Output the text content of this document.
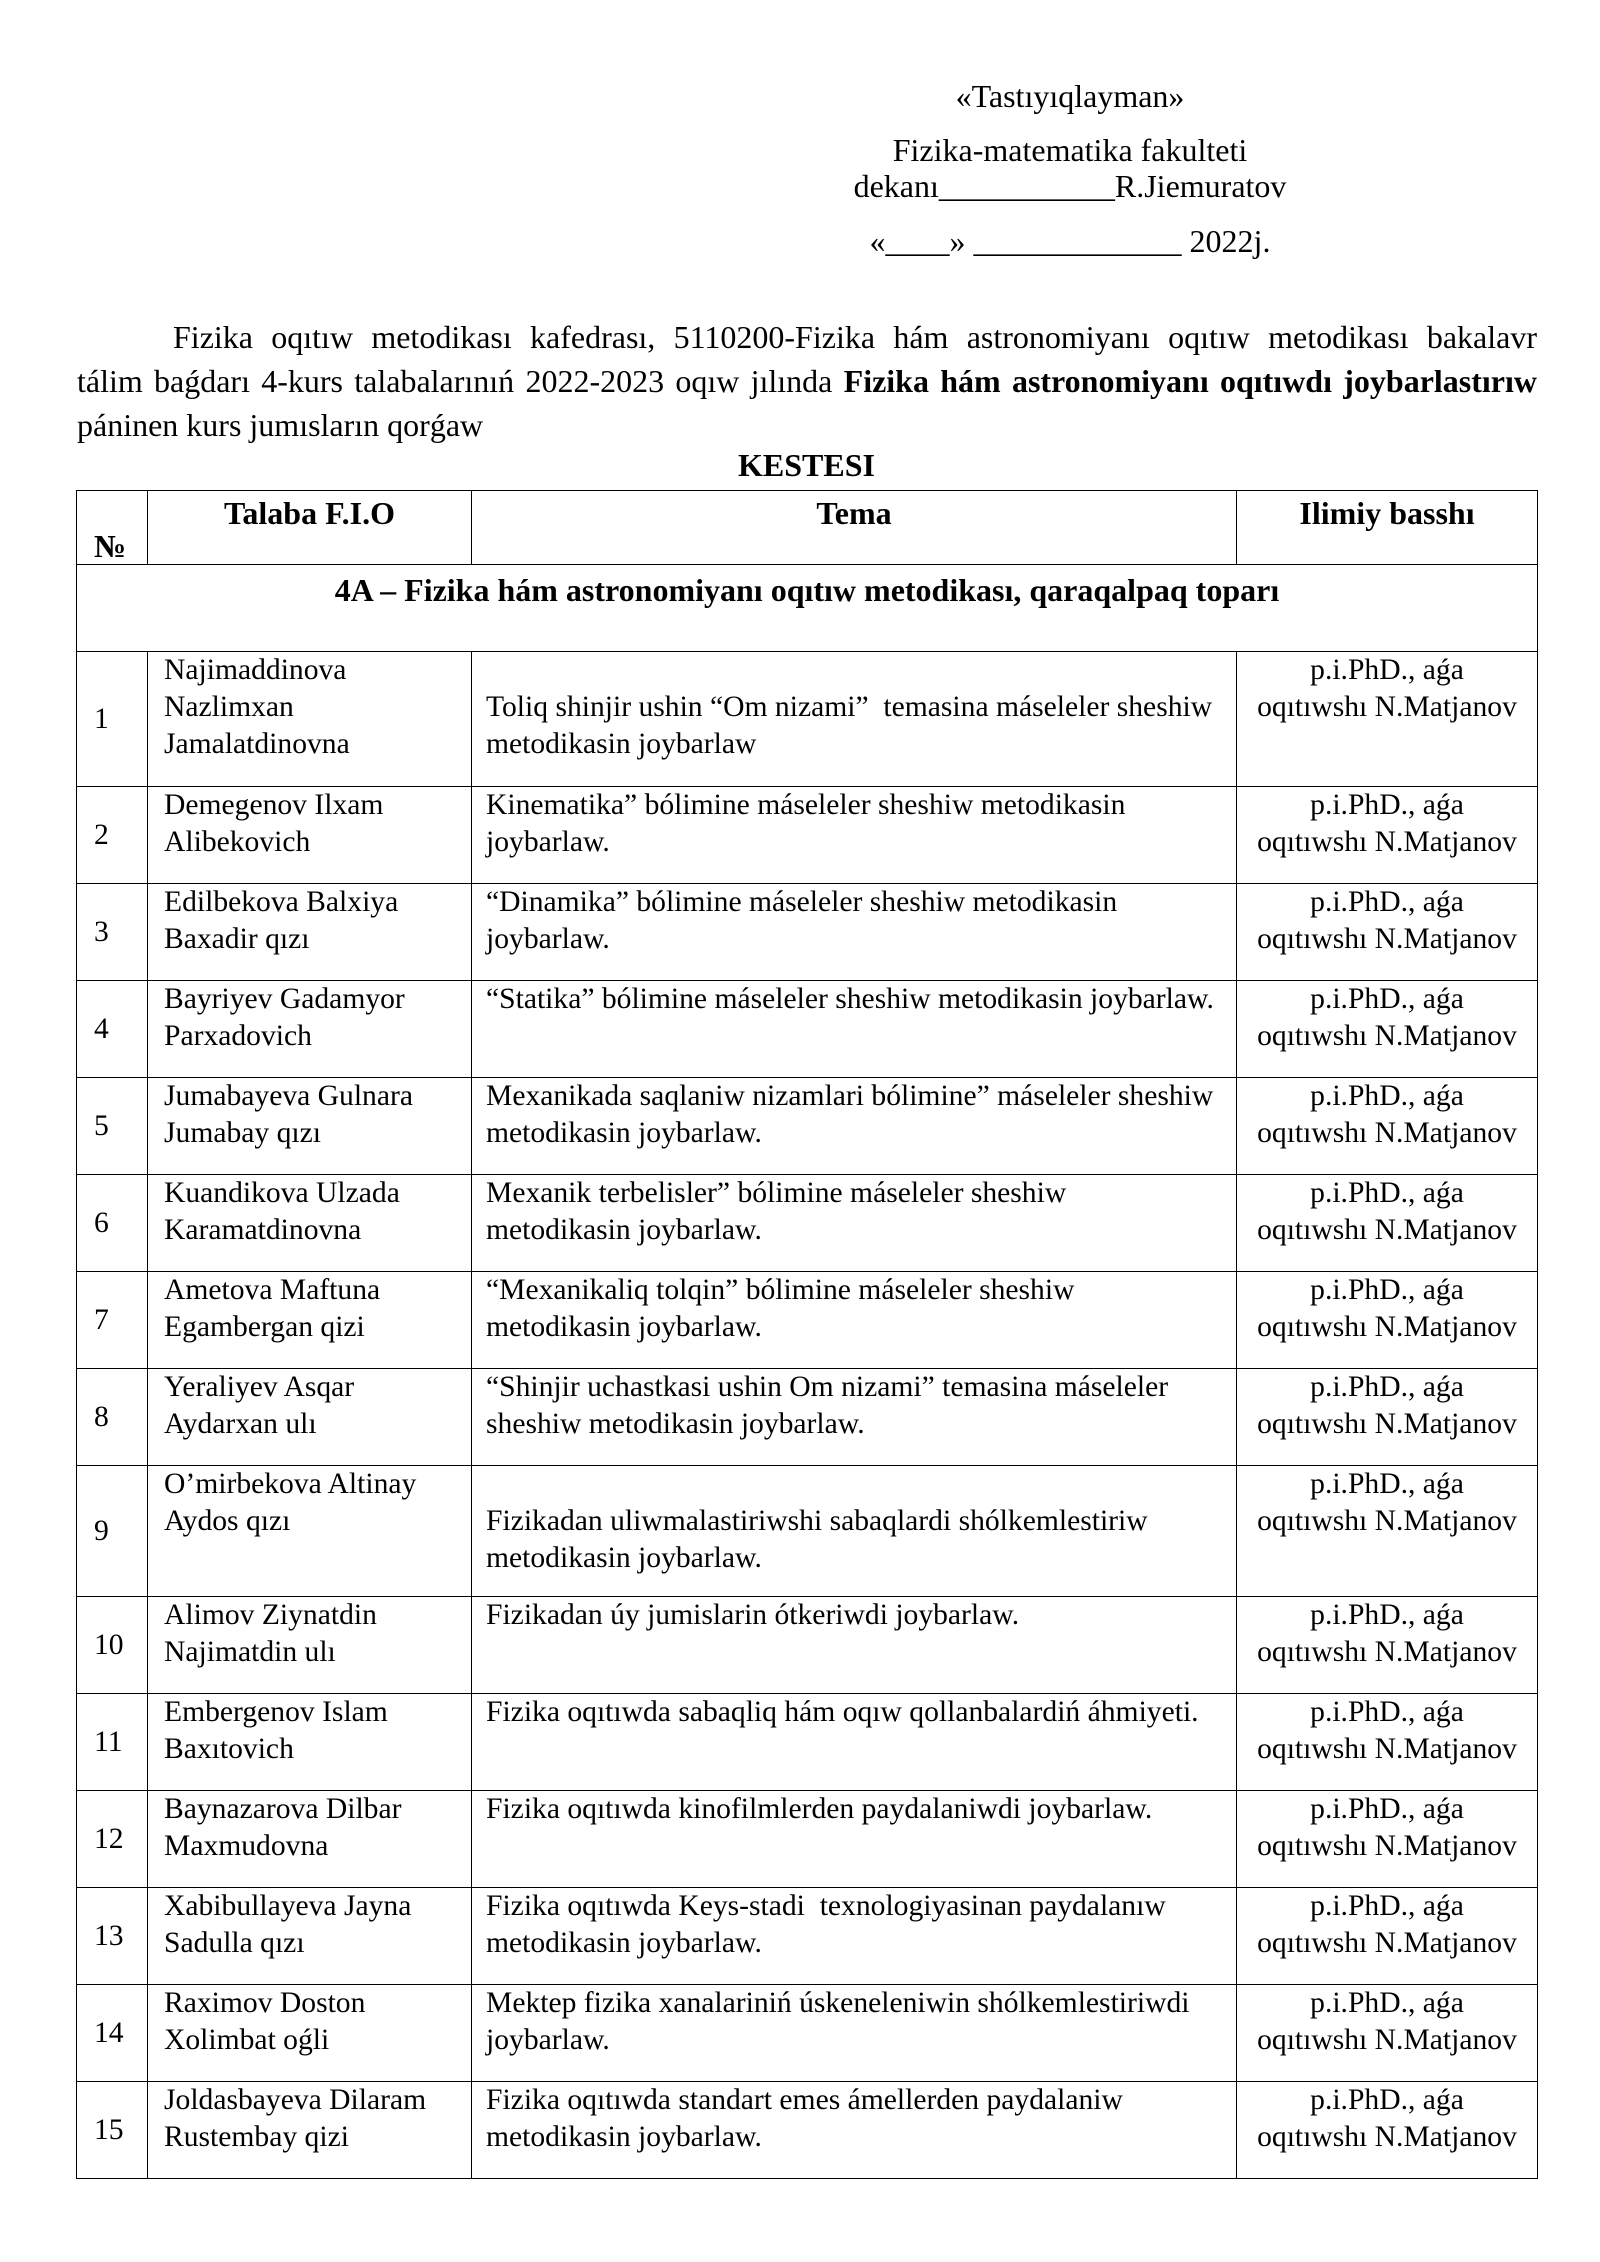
«Tastıyıqlayman»
Fizika-matematika fakulteti
dekanı___________R.Jiemuratov
«____» _____________ 2022j.
Fizika oqıtıw metodikası kafedrası, 5110200-Fizika hám astronomiyanı oqıtıw metodikası bakalavr
tálim baǵdarı 4-kurs talabalarınıń 2022-2023 oqıw jılında Fizika hám astronomiyanı oqıtıwdı joybarlastırıw
páninen kurs jumısların qorǵaw
KESTESI
№	Talaba F.I.O	Tema	Ilimiy basshı
4A – Fizika hám astronomiyanı oqıtıw metodikası, qaraqalpaq toparı			
1	Najimaddinova Nazlimxan Jamalatdinovna	Toliq shinjir ushin “Om nizami”  temasina máseleler sheshiw
metodikasin joybarlaw	p.i.PhD., aǵa
oqıtıwshı N.Matjanov
2	Demegenov Ilxam Alibekovich	Kinematika” bólimine máseleler sheshiw metodikasin
joybarlaw.	p.i.PhD., aǵa
oqıtıwshı N.Matjanov
3	Edilbekova Balxiya Baxadir qızı	“Dinamika” bólimine máseleler sheshiw metodikasin
joybarlaw.	p.i.PhD., aǵa
oqıtıwshı N.Matjanov
4	Bayriyev Gadamyor Parxadovich	“Statika” bólimine máseleler sheshiw metodikasin joybarlaw.	p.i.PhD., aǵa
oqıtıwshı N.Matjanov
5	Jumabayeva Gulnara Jumabay qızı	Mexanikada saqlaniw nizamlari bólimine” máseleler sheshiw
metodikasin joybarlaw.	p.i.PhD., aǵa
oqıtıwshı N.Matjanov
6	Kuandikova Ulzada Karamatdinovna	Mexanik terbelisler” bólimine máseleler sheshiw
metodikasin joybarlaw.	p.i.PhD., aǵa
oqıtıwshı N.Matjanov
7	Ametova Maftuna Egambergan qizi	“Mexanikaliq tolqin” bólimine máseleler sheshiw
metodikasin joybarlaw.	p.i.PhD., aǵa
oqıtıwshı N.Matjanov
8	Yeraliyev Asqar Aydarxan ulı	“Shinjir uchastkasi ushin Om nizami” temasina máseleler
sheshiw metodikasin joybarlaw.	p.i.PhD., aǵa
oqıtıwshı N.Matjanov
9	O’mirbekova Altinay Aydos qızı	Fizikadan uliwmalastiriwshi sabaqlardi shólkemlestiriw
metodikasin joybarlaw.	p.i.PhD., aǵa
oqıtıwshı N.Matjanov
10	Alimov Ziynatdin Najimatdin ulı	Fizikadan úy jumislarin ótkeriwdi joybarlaw.	p.i.PhD., aǵa
oqıtıwshı N.Matjanov
11	Embergenov Islam Baxıtovich	Fizika oqıtıwda sabaqliq hám oqıw qollanbalardiń áhmiyeti.	p.i.PhD., aǵa
oqıtıwshı N.Matjanov
12	Baynazarova Dilbar Maxmudovna	Fizika oqıtıwda kinofilmlerden paydalaniwdi joybarlaw.	p.i.PhD., aǵa
oqıtıwshı N.Matjanov
13	Xabibullayeva Jayna Sadulla qızı	Fizika oqıtıwda Keys-stadi  texnologiyasinan paydalanıw
metodikasin joybarlaw.	p.i.PhD., aǵa
oqıtıwshı N.Matjanov
14	Raximov Doston Xolimbat oǵli	Mektep fizika xanalariniń úskeneleniwin shólkemlestiriwdi
joybarlaw.	p.i.PhD., aǵa
oqıtıwshı N.Matjanov
15	Joldasbayeva Dilaram Rustembay qizi	Fizika oqıtıwda standart emes ámellerden paydalaniw
metodikasin joybarlaw.	p.i.PhD., aǵa
oqıtıwshı N.Matjanov
